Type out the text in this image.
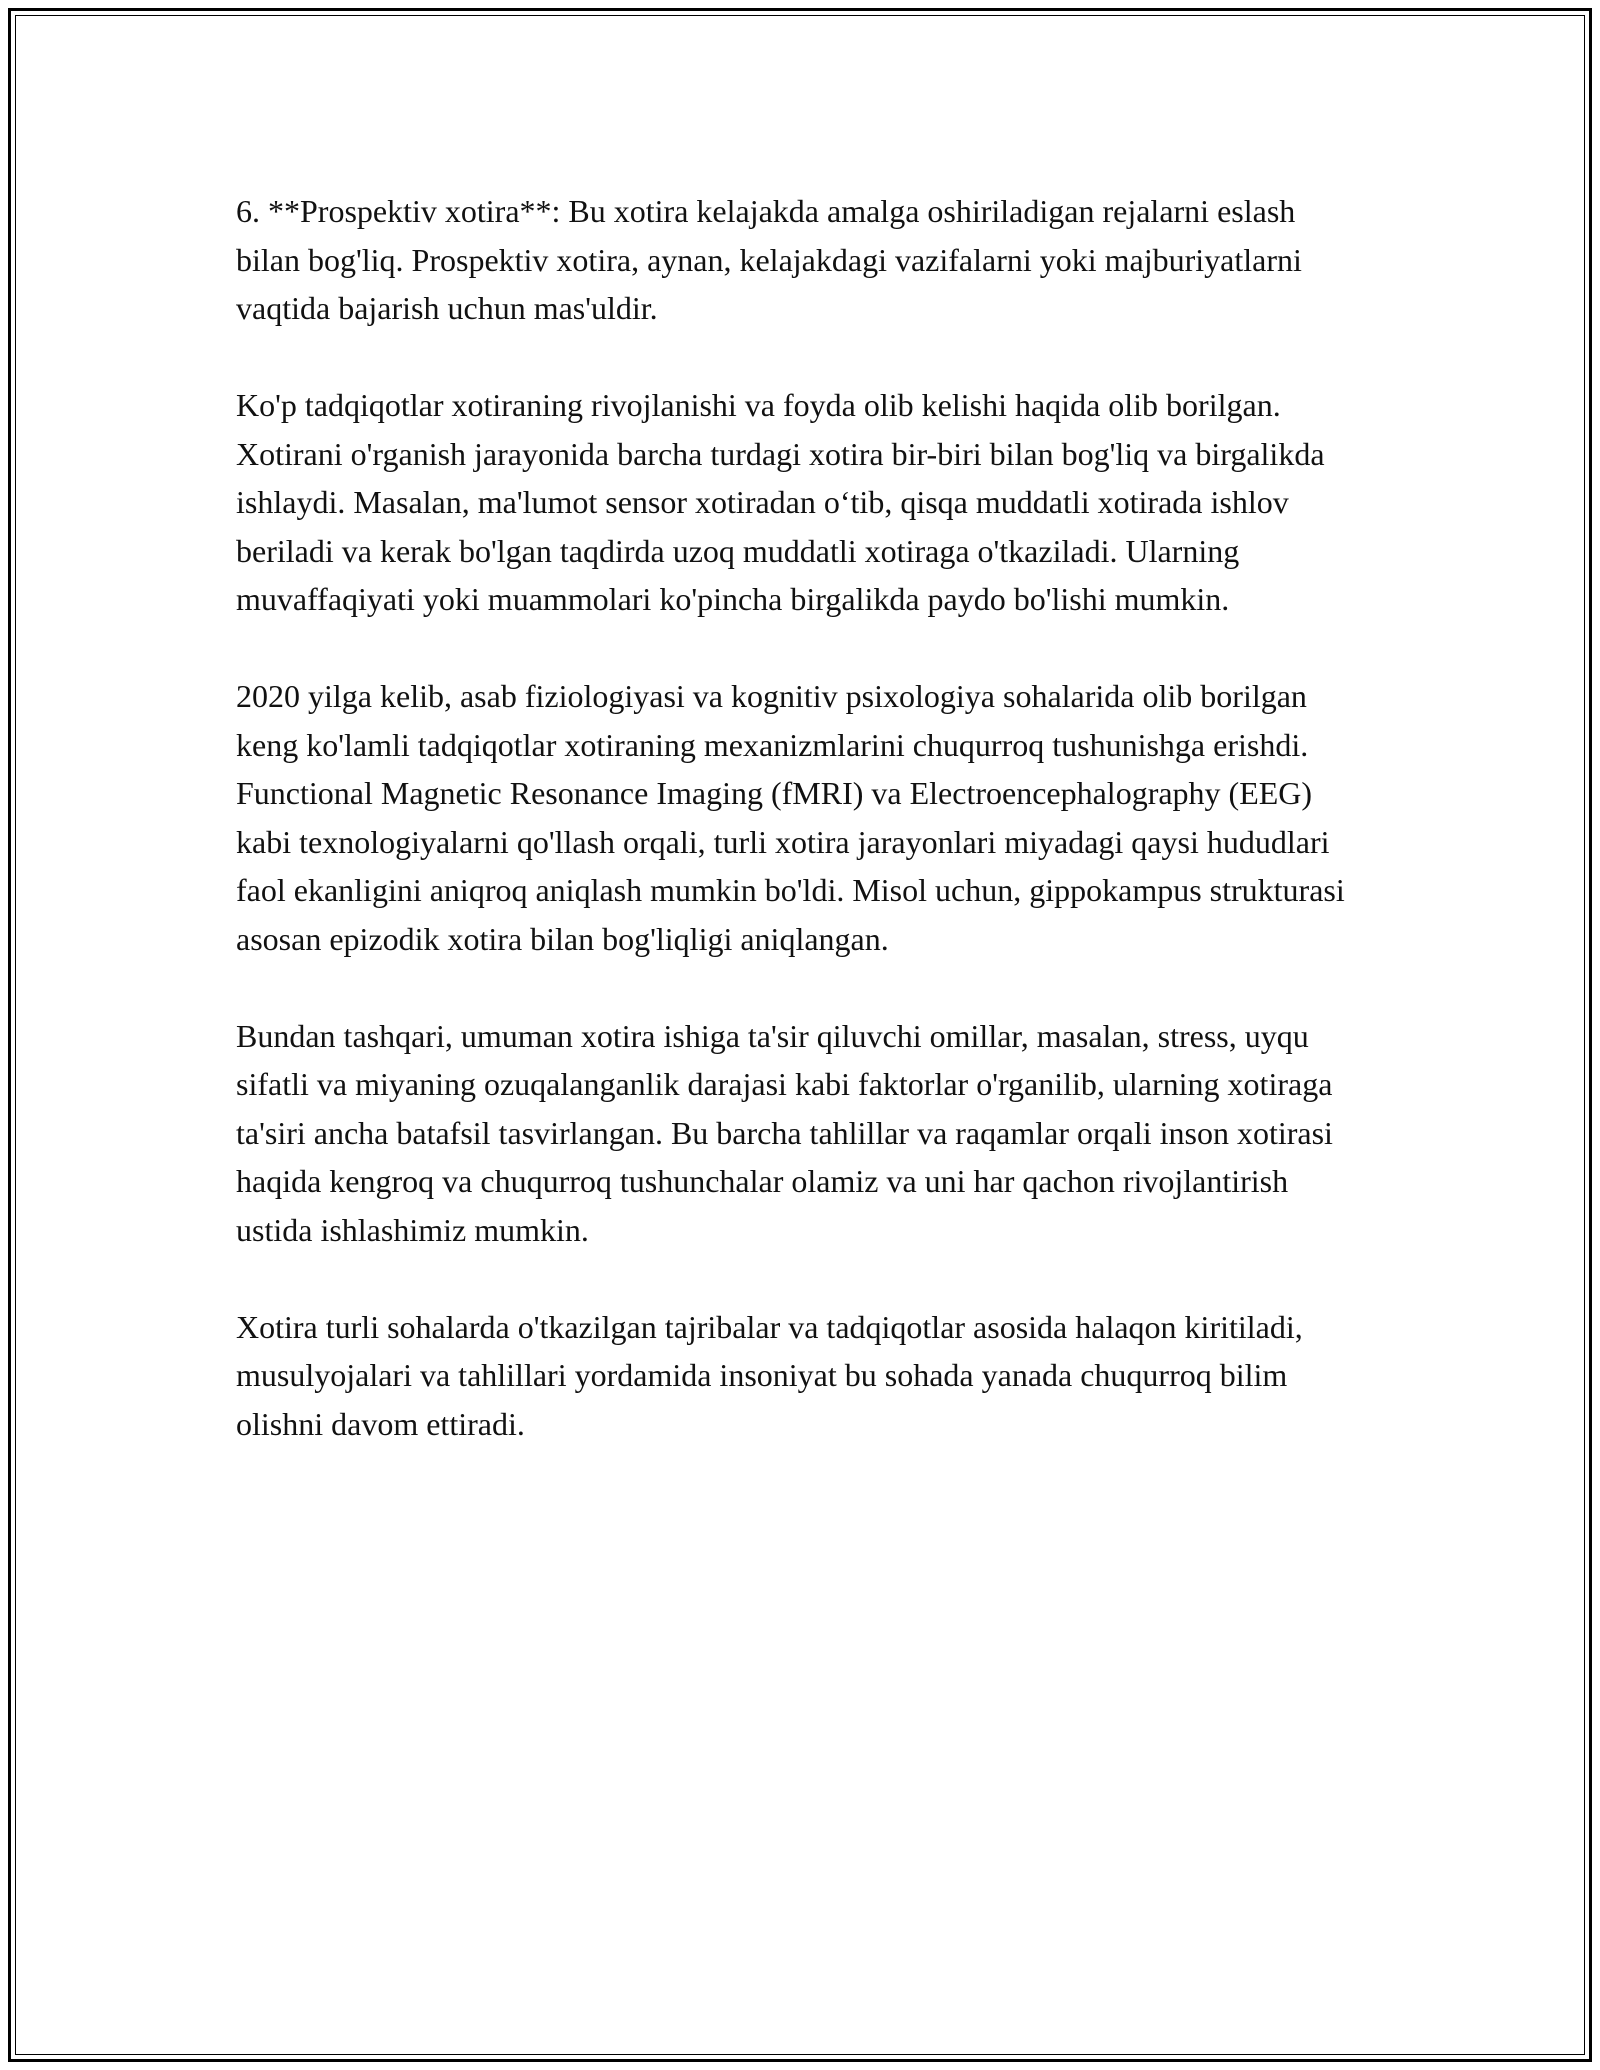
6. **Prospektiv xotira**: Bu xotira kelajakda amalga oshiriladigan rejalarni eslash bilan bog'liq. Prospektiv xotira, aynan, kelajakdagi vazifalarni yoki majburiyatlarni vaqtida bajarish uchun mas'uldir.

Ko'p tadqiqotlar xotiraning rivojlanishi va foyda olib kelishi haqida olib borilgan. Xotirani o'rganish jarayonida barcha turdagi xotira bir-biri bilan bog'liq va birgalikda ishlaydi. Masalan, ma'lumot sensor xotiradan o‘tib, qisqa muddatli xotirada ishlov beriladi va kerak bo'lgan taqdirda uzoq muddatli xotiraga o'tkaziladi. Ularning muvaffaqiyati yoki muammolari ko'pincha birgalikda paydo bo'lishi mumkin.

2020 yilga kelib, asab fiziologiyasi va kognitiv psixologiya sohalarida olib borilgan keng ko'lamli tadqiqotlar xotiraning mexanizmlarini chuqurroq tushunishga erishdi. Functional Magnetic Resonance Imaging (fMRI) va Electroencephalography (EEG) kabi texnologiyalarni qo'llash orqali, turli xotira jarayonlari miyadagi qaysi hududlari faol ekanligini aniqroq aniqlash mumkin bo'ldi. Misol uchun, gippokampus strukturasi asosan epizodik xotira bilan bog'liqligi aniqlangan.

Bundan tashqari, umuman xotira ishiga ta'sir qiluvchi omillar, masalan, stress, uyqu sifatli va miyaning ozuqalanganlik darajasi kabi faktorlar o'rganilib, ularning xotiraga ta'siri ancha batafsil tasvirlangan. Bu barcha tahlillar va raqamlar orqali inson xotirasi haqida kengroq va chuqurroq tushunchalar olamiz va uni har qachon rivojlantirish ustida ishlashimiz mumkin.

Xotira turli sohalarda o'tkazilgan tajribalar va tadqiqotlar asosida halaqon kiritiladi, musulyojalari va tahlillari yordamida insoniyat bu sohada yanada chuqurroq bilim olishni davom ettiradi.
